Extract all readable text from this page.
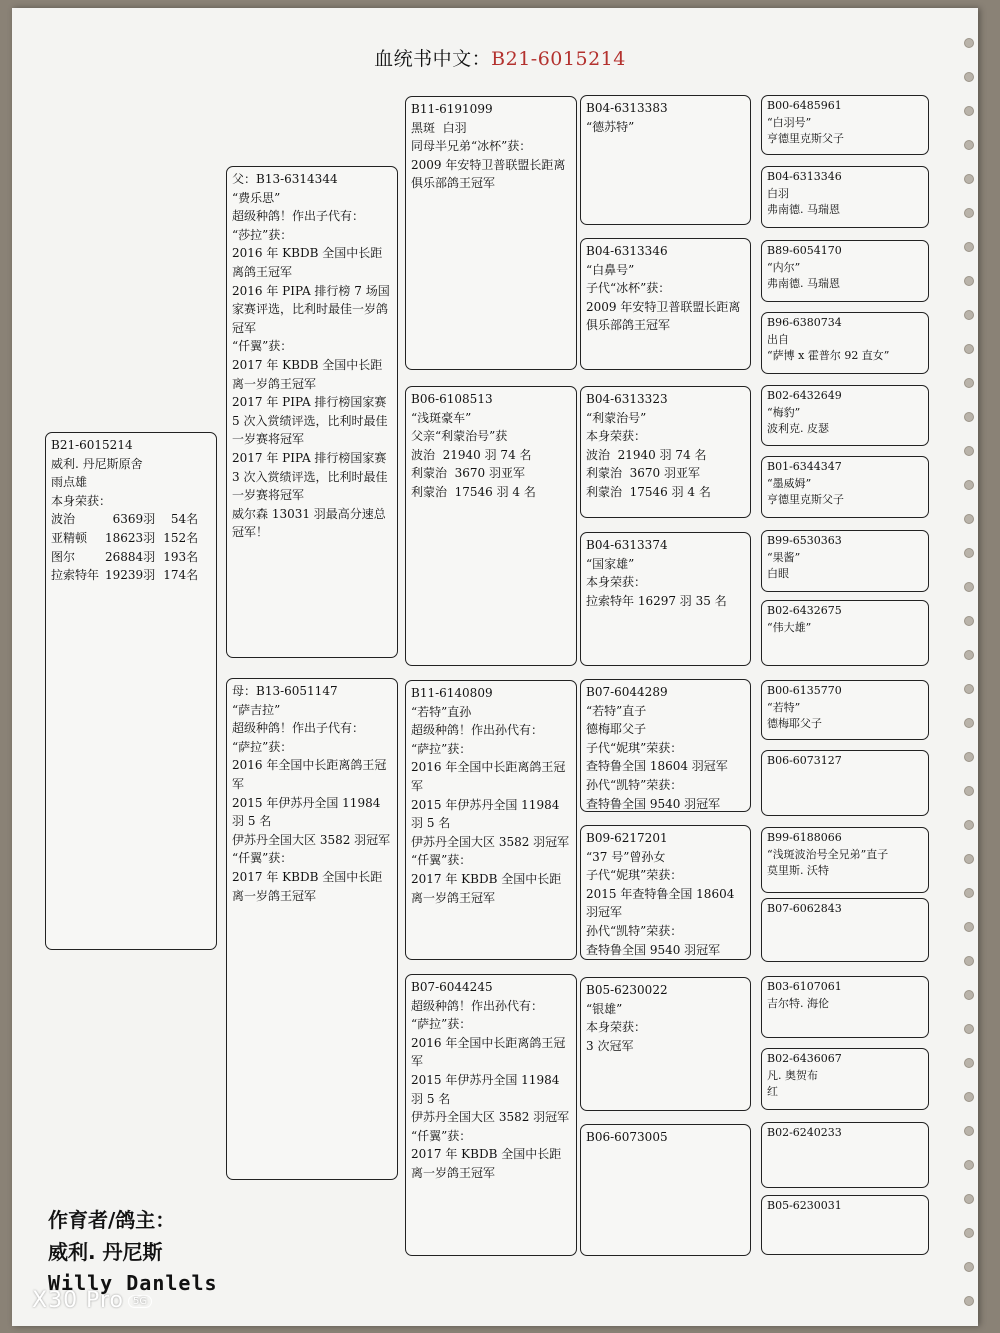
血统书中文：B21-6015214
B21-6015214
威利. 丹尼斯原舍
雨点雄
本身荣获：
波治	6369羽	54名
亚精顿	18623羽	152名
图尔	26884羽	193名
拉索特年	19239羽	174名
父：B13-6314344
“费乐思”
超级种鸽！作出子代有：
“莎拉”获：
2016 年 KBDB 全国中长距离鸽王冠军
2016 年 PIPA 排行榜 7 场国家赛评选，比利时最佳一岁鸽冠军
“仟翼”获：
2017 年 KBDB 全国中长距离一岁鸽王冠军
2017 年 PIPA 排行榜国家赛 5 次入赏绩评选，比利时最佳一岁赛将冠军
2017 年 PIPA 排行榜国家赛 3 次入赏绩评选，比利时最佳一岁赛将冠军
威尔森 13031 羽最高分速总冠军！
母：B13-6051147
“萨吉拉”
超级种鸽！作出子代有：
“萨拉”获：
2016 年全国中长距离鸽王冠军
2015 年伊苏丹全国 11984 羽 5 名
伊苏丹全国大区 3582 羽冠军
“仟翼”获：
2017 年 KBDB 全国中长距离一岁鸽王冠军
B11-6191099
黑斑  白羽
同母半兄弟“冰杯”获：
2009 年安特卫普联盟长距离俱乐部鸽王冠军
B06-6108513
“浅斑豪车”
父亲“利蒙治号”获
波治  21940 羽 74 名
利蒙治  3670 羽亚军
利蒙治  17546 羽 4 名
B11-6140809
“若特”直孙
超级种鸽！作出孙代有：
“萨拉”获：
2016 年全国中长距离鸽王冠军
2015 年伊苏丹全国 11984 羽 5 名
伊苏丹全国大区 3582 羽冠军
“仟翼”获：
2017 年 KBDB 全国中长距离一岁鸽王冠军
B07-6044245
超级种鸽！作出孙代有：
“萨拉”获：
2016 年全国中长距离鸽王冠军
2015 年伊苏丹全国 11984 羽 5 名
伊苏丹全国大区 3582 羽冠军
“仟翼”获：
2017 年 KBDB 全国中长距离一岁鸽王冠军
B04-6313383
“德苏特”
B04-6313346
“白鼻号”
子代“冰杯”获：
2009 年安特卫普联盟长距离俱乐部鸽王冠军
B04-6313323
“利蒙治号”
本身荣获：
波治  21940 羽 74 名
利蒙治  3670 羽亚军
利蒙治  17546 羽 4 名
B04-6313374
“国家雄”
本身荣获：
拉索特年 16297 羽 35 名
B07-6044289
“若特”直子
德梅耶父子
子代“妮琪”荣获：
查特鲁全国 18604 羽冠军
孙代“凯特”荣获：
查特鲁全国 9540 羽冠军
B09-6217201
“37 号”曾孙女
子代“妮琪”荣获：
2015 年查特鲁全国 18604 羽冠军
孙代“凯特”荣获：
查特鲁全国 9540 羽冠军
B05-6230022
“银雄”
本身荣获：
3 次冠军
B06-6073005
B00-6485961
“白羽号”
亨德里克斯父子
B04-6313346
白羽
弗南德. 马瑞恩
B89-6054170
“内尔”
弗南德. 马瑞恩
B96-6380734
出自
“萨博 x 霍普尔 92 直女”
B02-6432649
“梅豹”
波利克. 皮瑟
B01-6344347
“墨威姆”
亨德里克斯父子
B99-6530363
“果酱”
白眼
B02-6432675
“伟大雄”
B00-6135770
“若特”
德梅耶父子
B06-6073127
B99-6188066
“浅斑波治号全兄弟”直子
莫里斯. 沃特
B07-6062843
B03-6107061
吉尔特. 海伦
B02-6436067
凡. 奥贺布
红
B02-6240233
B05-6230031
作育者/鸽主：
威利. 丹尼斯
Willy Danlels
X30 Pro 5G
